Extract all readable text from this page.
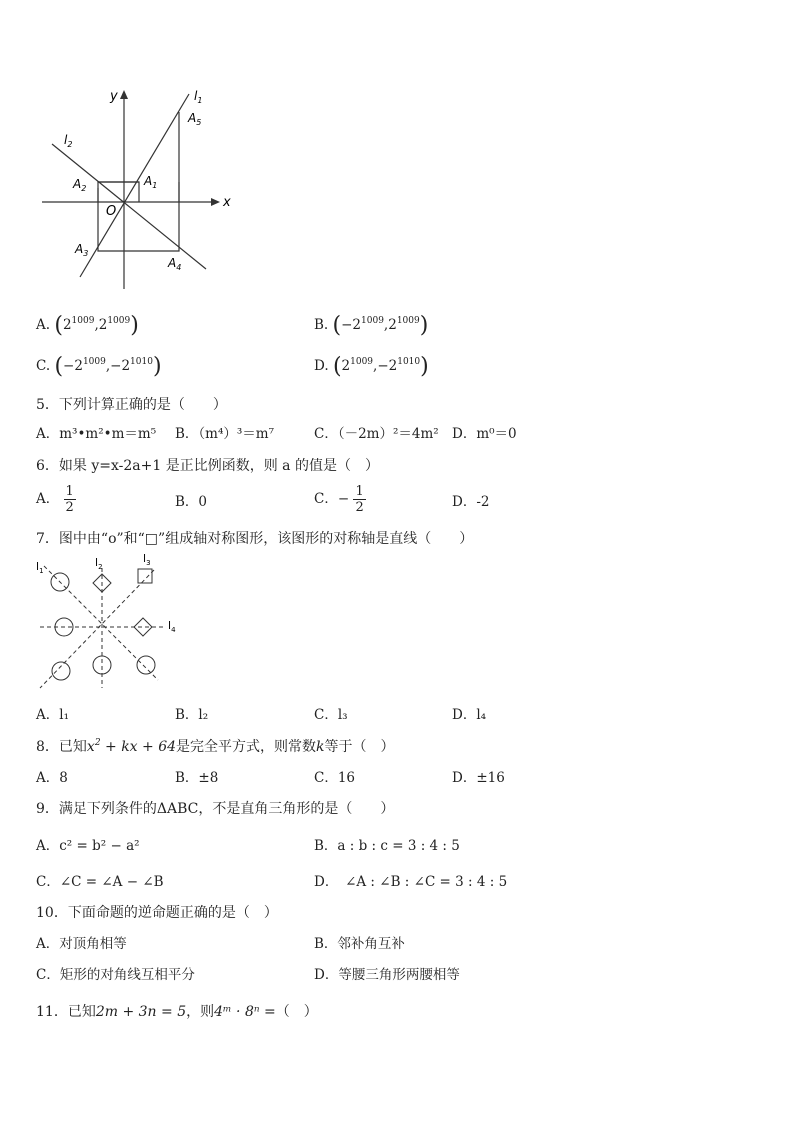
y
x
O
$l_1$
$l_2$
$A_1$
$A_2$
$A_3$
$A_4$
$A_5$
A. $(2^{1009},2^{1009})$	B. $(-2^{1009},2^{1009})$
C. $(-2^{1009},-2^{1010})$	D. $(2^{1009},-2^{1010})$
5．下列计算正确的是（　　）
A．m³•m²•m＝m⁵ B．（m⁴）³＝m⁷	C．（－2m）²＝4m² D．m⁰＝0
6．如果 y=x-2a+1 是正比例函数，则 a 的值是（　）
A． $\frac{1}{2}$	B．0	C．− $\frac{1}{2}$	D．-2
7．图中由“o”和“□”组成轴对称图形，该图形的对称轴是直线（　　）
$l_1$
$l_2$
$l_3$
$l_4$
A．l₁	B．l₂	C．l₃	D．l₄
8．已知$x^2$ + kx + 64是完全平方式，则常数k等于（　）
A．8	B．±8	C．16	D．±16
9．满足下列条件的ΔABC，不是直角三角形的是（　　）
A．c² = b² − a²	B．a : b : c = 3 : 4 : 5
C．∠C = ∠A − ∠B	D．　∠A : ∠B : ∠C = 3 : 4 : 5
10．下面命题的逆命题正确的是（　）
A．对顶角相等	B．邻补角互补
C．矩形的对角线互相平分	D．等腰三角形两腰相等
11．已知2m + 3n = 5，则4ᵐ · 8ⁿ =（　）
